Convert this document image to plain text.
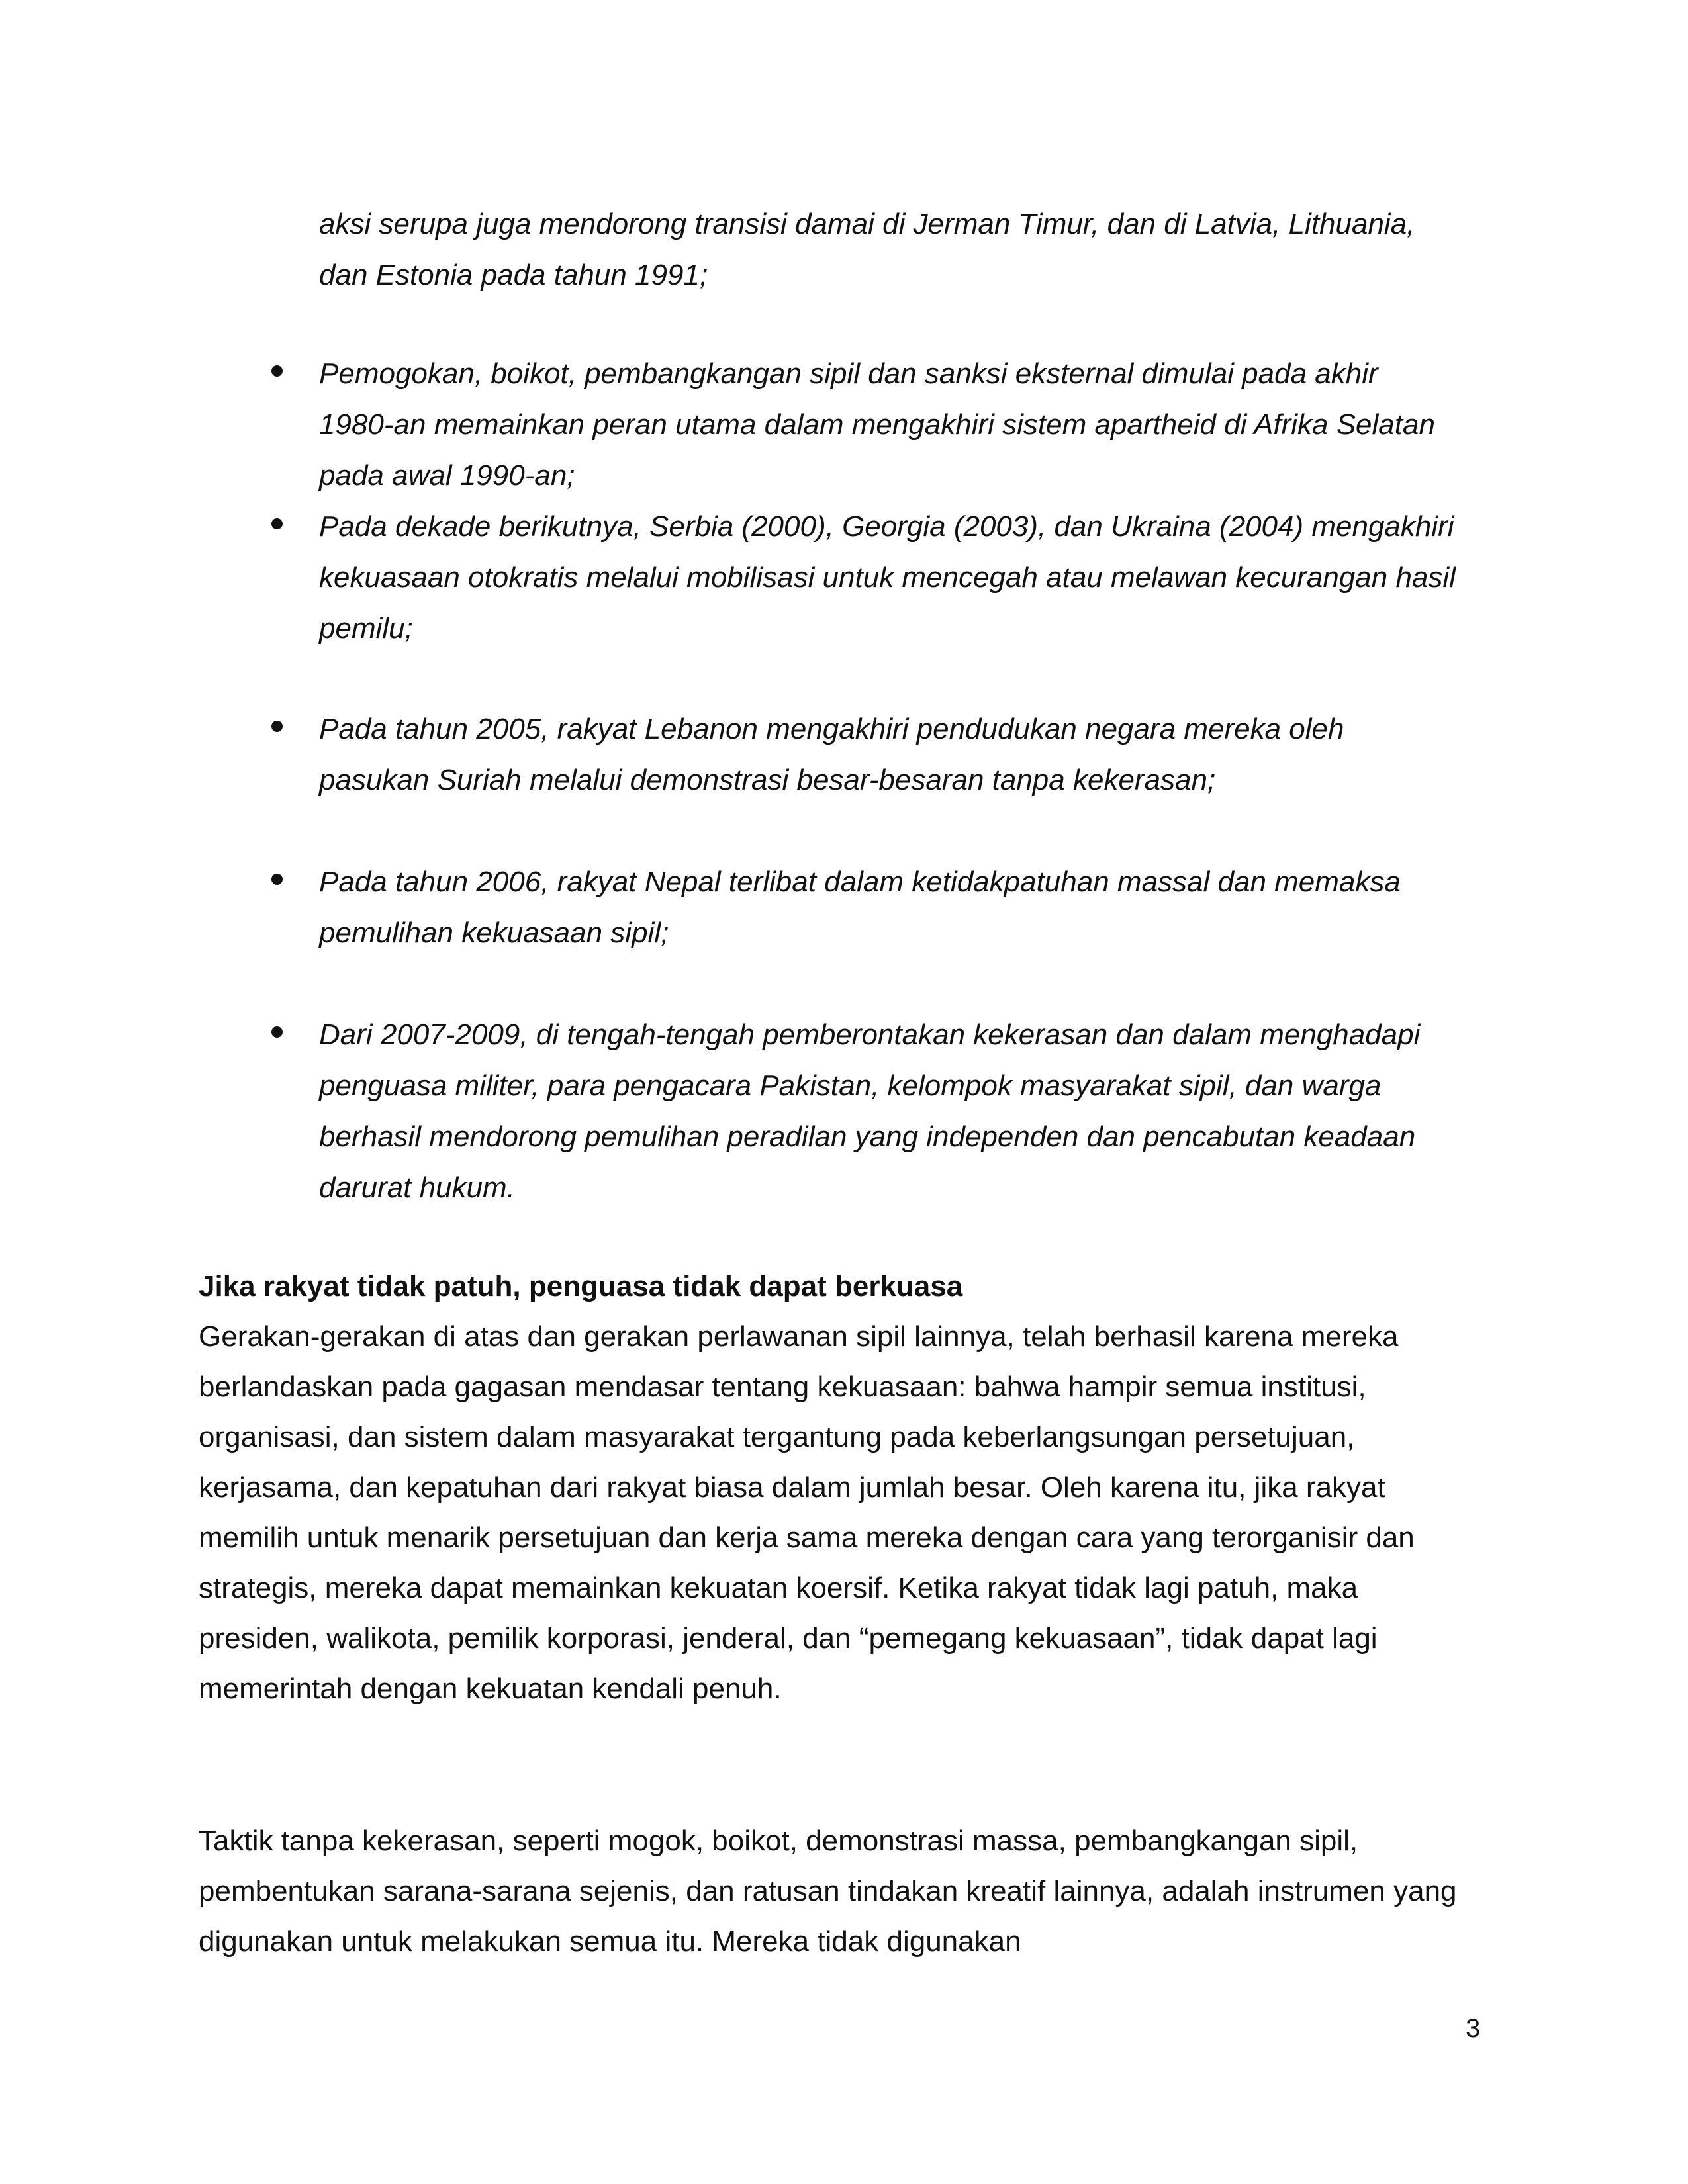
aksi serupa juga mendorong transisi damai di Jerman Timur, dan di Latvia, Lithuania, dan Estonia pada tahun 1991;

Pemogokan, boikot, pembangkangan sipil dan sanksi eksternal dimulai pada akhir 1980-an memainkan peran utama dalam mengakhiri sistem apartheid di Afrika Selatan pada awal 1990-an;
Pada dekade berikutnya, Serbia (2000), Georgia (2003), dan Ukraina (2004) mengakhiri kekuasaan otokratis melalui mobilisasi untuk mencegah atau melawan kecurangan hasil pemilu;
Pada tahun 2005, rakyat Lebanon mengakhiri pendudukan negara mereka oleh pasukan Suriah melalui demonstrasi besar-besaran tanpa kekerasan;
Pada tahun 2006, rakyat Nepal terlibat dalam ketidakpatuhan massal dan memaksa pemulihan kekuasaan sipil;
Dari 2007-2009, di tengah-tengah pemberontakan kekerasan dan dalam menghadapi penguasa militer, para pengacara Pakistan, kelompok masyarakat sipil, dan warga berhasil mendorong pemulihan peradilan yang independen dan pencabutan keadaan darurat hukum.
Jika rakyat tidak patuh, penguasa tidak dapat berkuasa

Gerakan-gerakan di atas dan gerakan perlawanan sipil lainnya, telah berhasil karena mereka berlandaskan pada gagasan mendasar tentang kekuasaan: bahwa hampir semua institusi, organisasi, dan sistem dalam masyarakat tergantung pada keberlangsungan persetujuan, kerjasama, dan kepatuhan dari rakyat biasa dalam jumlah besar. Oleh karena itu, jika rakyat memilih untuk menarik persetujuan dan kerja sama mereka dengan cara yang terorganisir dan strategis, mereka dapat memainkan kekuatan koersif. Ketika rakyat tidak lagi patuh, maka presiden, walikota, pemilik korporasi, jenderal, dan “pemegang kekuasaan”, tidak dapat lagi memerintah dengan kekuatan kendali penuh.

Taktik tanpa kekerasan, seperti mogok, boikot, demonstrasi massa, pembangkangan sipil, pembentukan sarana-sarana sejenis, dan ratusan tindakan kreatif lainnya, adalah instrumen yang digunakan untuk melakukan semua itu. Mereka tidak digunakan

3
